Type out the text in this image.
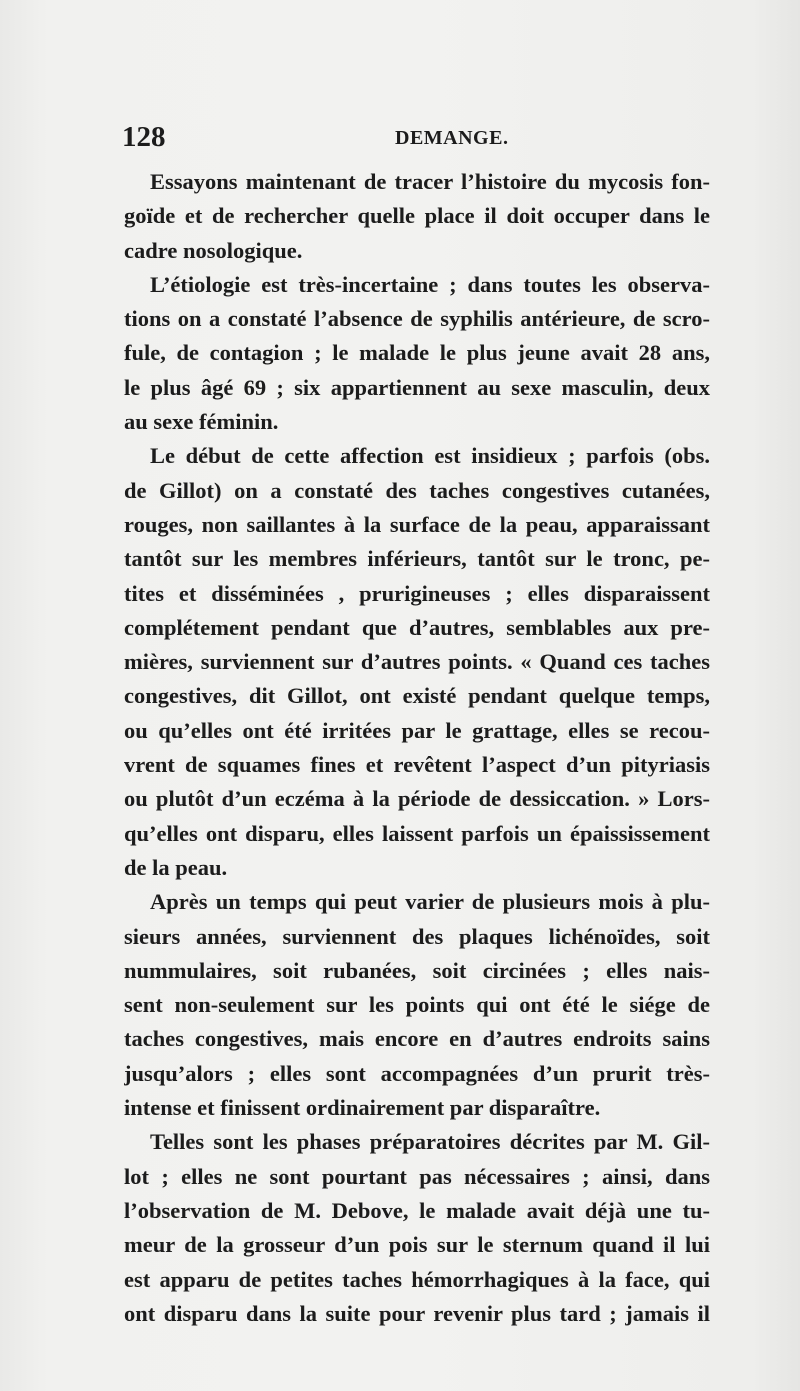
128	DEMANGE.
Essayons maintenant de tracer l’histoire du mycosis fon-
goïde et de rechercher quelle place il doit occuper dans le
cadre nosologique.
L’étiologie est très-incertaine ; dans toutes les observa-
tions on a constaté l’absence de syphilis antérieure, de scro-
fule, de contagion ; le malade le plus jeune avait 28 ans,
le plus âgé 69 ; six appartiennent au sexe masculin, deux
au sexe féminin.
Le début de cette affection est insidieux ; parfois (obs.
de Gillot) on a constaté des taches congestives cutanées,
rouges, non saillantes à la surface de la peau, apparaissant
tantôt sur les membres inférieurs, tantôt sur le tronc, pe-
tites et disséminées , prurigineuses ; elles disparaissent
complétement pendant que d’autres, semblables aux pre-
mières, surviennent sur d’autres points. « Quand ces taches
congestives, dit Gillot, ont existé pendant quelque temps,
ou qu’elles ont été irritées par le grattage, elles se recou-
vrent de squames fines et revêtent l’aspect d’un pityriasis
ou plutôt d’un eczéma à la période de dessiccation. » Lors-
qu’elles ont disparu, elles laissent parfois un épaississement
de la peau.
Après un temps qui peut varier de plusieurs mois à plu-
sieurs années, surviennent des plaques lichénoïdes, soit
nummulaires, soit rubanées, soit circinées ; elles nais-
sent non-seulement sur les points qui ont été le siége de
taches congestives, mais encore en d’autres endroits sains
jusqu’alors ; elles sont accompagnées d’un prurit très-
intense et finissent ordinairement par disparaître.
Telles sont les phases préparatoires décrites par M. Gil-
lot ; elles ne sont pourtant pas nécessaires ; ainsi, dans
l’observation de M. Debove, le malade avait déjà une tu-
meur de la grosseur d’un pois sur le sternum quand il lui
est apparu de petites taches hémorrhagiques à la face, qui
ont disparu dans la suite pour revenir plus tard ; jamais il
